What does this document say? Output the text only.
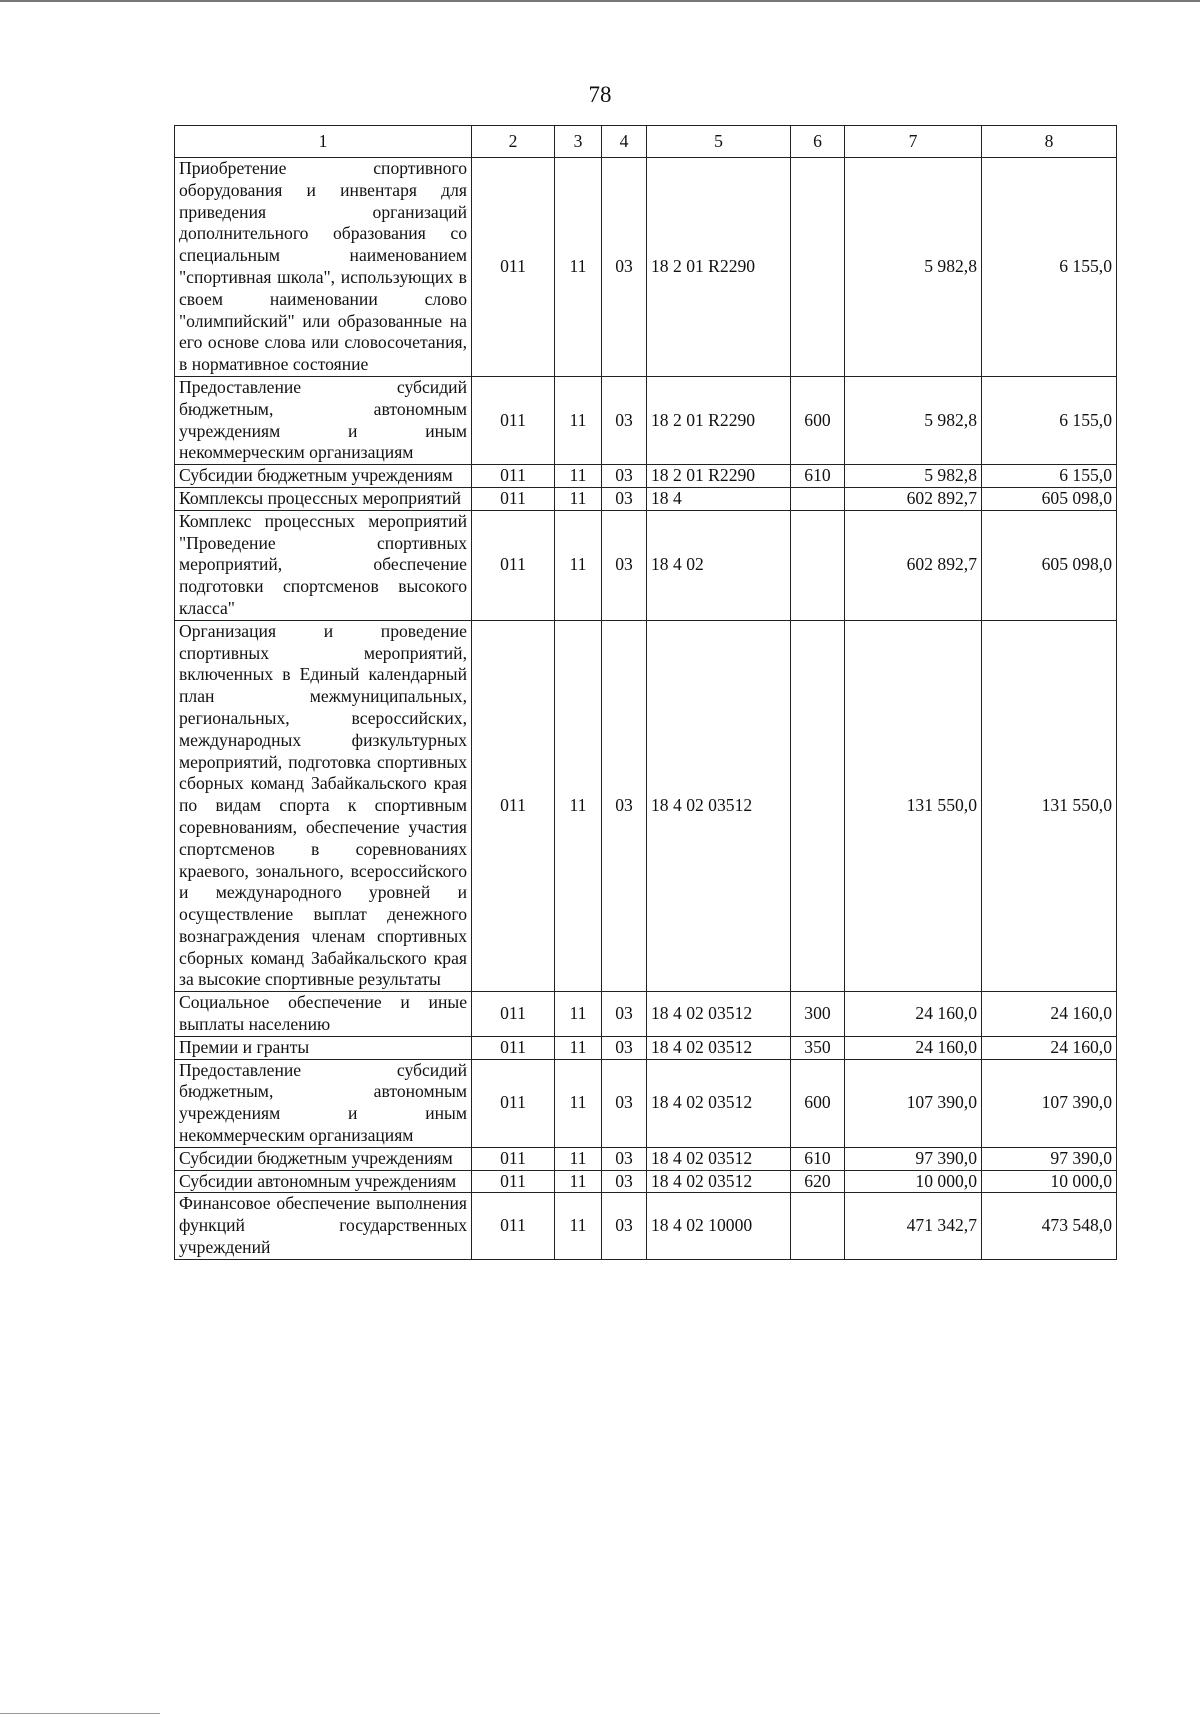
78
1	2	3	4	5	6	7	8
Приобретение спортивного оборудования и инвентаря для приведения организаций дополнительного образования со специальным наименованием "спортивная школа", использующих в своем наименовании слово "олимпийский" или образованные на его основе слова или словосочетания, в нормативное состояние	011	11	03	18 2 01 R2290		5 982,8	6 155,0
Предоставление субсидий бюджетным, автономным учреждениям и иным некоммерческим организациям	011	11	03	18 2 01 R2290	600	5 982,8	6 155,0
Субсидии бюджетным учреждениям	011	11	03	18 2 01 R2290	610	5 982,8	6 155,0
Комплексы процессных мероприятий	011	11	03	18 4		602 892,7	605 098,0
Комплекс процессных мероприятий "Проведение спортивных мероприятий, обеспечение подготовки спортсменов высокого класса"	011	11	03	18 4 02		602 892,7	605 098,0
Организация и проведение спортивных мероприятий, включенных в Единый календарный план межмуниципальных, региональных, всероссийских, международных физкультурных мероприятий, подготовка спортивных сборных команд Забайкальского края по видам спорта к спортивным соревнованиям, обеспечение участия спортсменов в соревнованиях краевого, зонального, всероссийского и международного уровней и осуществление выплат денежного вознаграждения членам спортивных сборных команд Забайкальского края за высокие спортивные результаты	011	11	03	18 4 02 03512		131 550,0	131 550,0
Социальное обеспечение и иные выплаты населению	011	11	03	18 4 02 03512	300	24 160,0	24 160,0
Премии и гранты	011	11	03	18 4 02 03512	350	24 160,0	24 160,0
Предоставление субсидий бюджетным, автономным учреждениям и иным некоммерческим организациям	011	11	03	18 4 02 03512	600	107 390,0	107 390,0
Субсидии бюджетным учреждениям	011	11	03	18 4 02 03512	610	97 390,0	97 390,0
Субсидии автономным учреждениям	011	11	03	18 4 02 03512	620	10 000,0	10 000,0
Финансовое обеспечение выполнения функций государственных учреждений	011	11	03	18 4 02 10000		471 342,7	473 548,0
